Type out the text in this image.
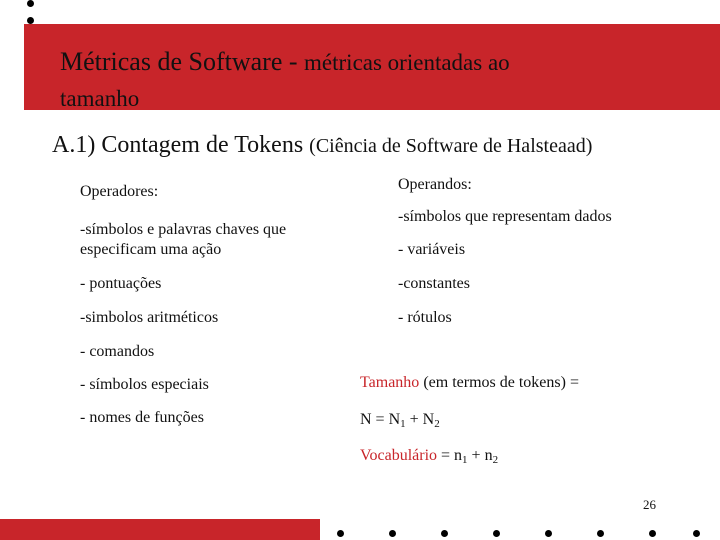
Métricas de Software - métricas orientadas ao
tamanho
A.1) Contagem de Tokens (Ciência de Software de Halsteaad)
Operadores:
-símbolos e palavras chaves que
especificam uma ação
- pontuações
-simbolos aritméticos
- comandos
- símbolos especiais
- nomes de funções
Operandos:
-símbolos que representam dados
- variáveis
-constantes
- rótulos
Tamanho (em termos de tokens) =
$N = N_1 + N_2$
Vocabulário = $n_1 + n_2$
26
